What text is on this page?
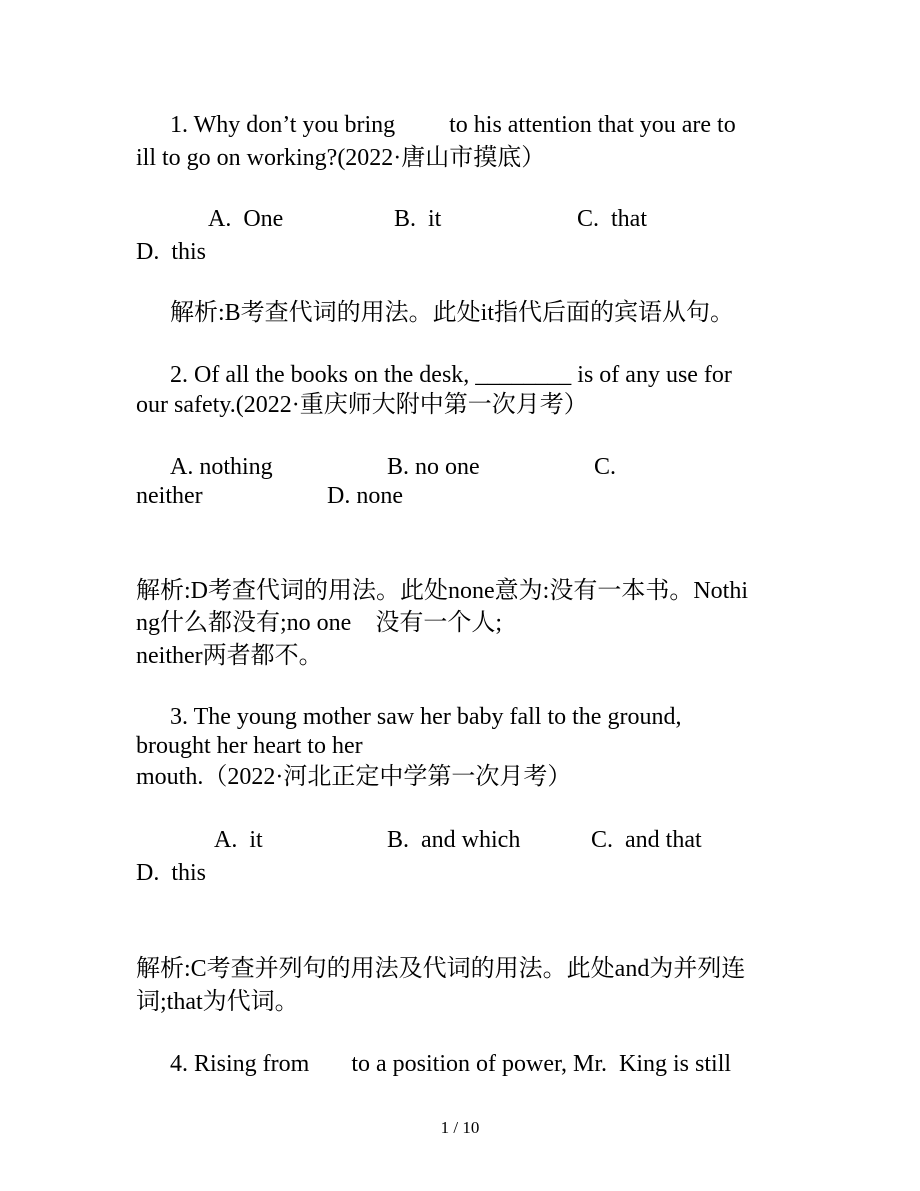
1. Why don’t you bring         to his attention that you are to
ill to go on working?(2022·唐山市摸底）
A.  One	B.  it	C.  that
D.  this
解析:B考查代词的用法。此处it指代后面的宾语从句。
2. Of all the books on the desk, ________ is of any use for
our safety.(2022·重庆师大附中第一次月考）
A. nothing	B. no one	C.
neither	D. none
解析:D考查代词的用法。此处none意为:没有一本书。Nothi
ng什么都没有;no one    没有一个人;
neither两者都不。
3. The young mother saw her baby fall to the ground,
brought her heart to her
mouth.（2022·河北正定中学第一次月考）
A.  it	B.  and which	C.  and that
D.  this
解析:C考查并列句的用法及代词的用法。此处and为并列连
词;that为代词。
4. Rising from       to a position of power, Mr.  King is still
1 / 10
